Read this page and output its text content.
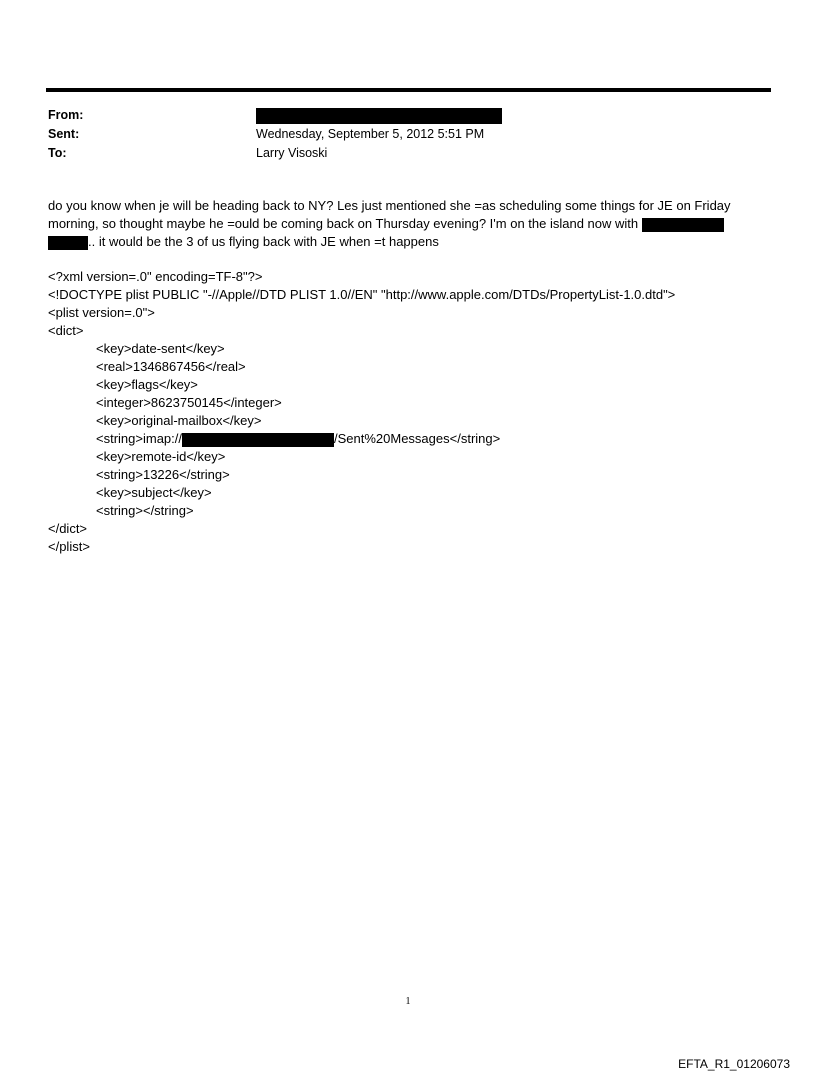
From:
Sent:	Wednesday, September 5, 2012 5:51 PM
To:	Larry Visoski
do you know when je will be heading back to NY? Les just mentioned she =as scheduling some things for JE on Friday
morning, so thought maybe he =ould be coming back on Thursday evening? I'm on the island now with
.. it would be the 3 of us flying back with JE when =t happens
<?xml version=.0" encoding=TF-8"?>
<!DOCTYPE plist PUBLIC "-//Apple//DTD PLIST 1.0//EN" "http://www.apple.com/DTDs/PropertyList-1.0.dtd">
<plist version=.0">
<dict>
<key>date-sent</key>
<real>1346867456</real>
<key>flags</key>
<integer>8623750145</integer>
<key>original-mailbox</key>
<string>imap://	/Sent%20Messages</string>
<key>remote-id</key>
<string>13226</string>
<key>subject</key>
<string></string>
</dict>
</plist>
1
EFTA_R1_01206073
